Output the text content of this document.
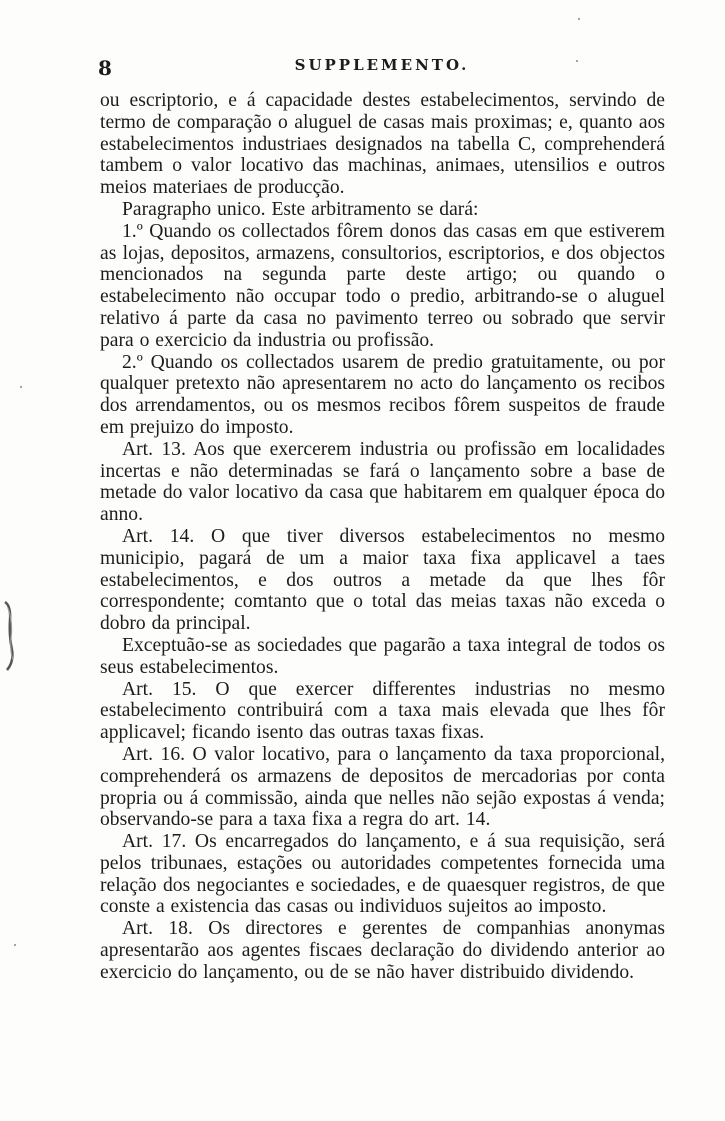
8	SUPPLEMENTO.

ou escriptorio, e á capacidade destes estabelecimentos, servindo de termo de comparação o aluguel de casas mais proximas; e, quanto aos estabelecimentos industriaes designados na tabella C, comprehenderá tambem o valor locativo das machinas, animaes, utensilios e outros meios materiaes de producção.

Paragrapho unico. Este arbitramento se dará:

1.º Quando os collectados fôrem donos das casas em que estiverem as lojas, depositos, armazens, consultorios, escriptorios, e dos objectos mencionados na segunda parte deste artigo; ou quando o estabelecimento não occupar todo o predio, arbitrando-se o aluguel relativo á parte da casa no pavimento terreo ou sobrado que servir para o exercicio da industria ou profissão.

2.º Quando os collectados usarem de predio gratuitamente, ou por qualquer pretexto não apresentarem no acto do lançamento os recibos dos arrendamentos, ou os mesmos recibos fôrem suspeitos de fraude em prejuizo do imposto.

Art. 13. Aos que exercerem industria ou profissão em localidades incertas e não determinadas se fará o lançamento sobre a base de metade do valor locativo da casa que habitarem em qualquer época do anno.

Art. 14. O que tiver diversos estabelecimentos no mesmo municipio, pagará de um a maior taxa fixa applicavel a taes estabelecimentos, e dos outros a metade da que lhes fôr correspondente; comtanto que o total das meias taxas não exceda o dobro da principal.

Exceptuão-se as sociedades que pagarão a taxa integral de todos os seus estabelecimentos.

Art. 15. O que exercer differentes industrias no mesmo estabelecimento contribuirá com a taxa mais elevada que lhes fôr applicavel; ficando isento das outras taxas fixas.

Art. 16. O valor locativo, para o lançamento da taxa proporcional, comprehenderá os armazens de depositos de mercadorias por conta propria ou á commissão, ainda que nelles não sejão expostas á venda; observando-se para a taxa fixa a regra do art. 14.

Art. 17. Os encarregados do lançamento, e á sua requisição, será pelos tribunaes, estações ou autoridades competentes fornecida uma relação dos negociantes e sociedades, e de quaesquer registros, de que conste a existencia das casas ou individuos sujeitos ao imposto.

Art. 18. Os directores e gerentes de companhias anonymas apresentarão aos agentes fiscaes declaração do dividendo anterior ao exercicio do lançamento, ou de se não haver distribuido dividendo.
